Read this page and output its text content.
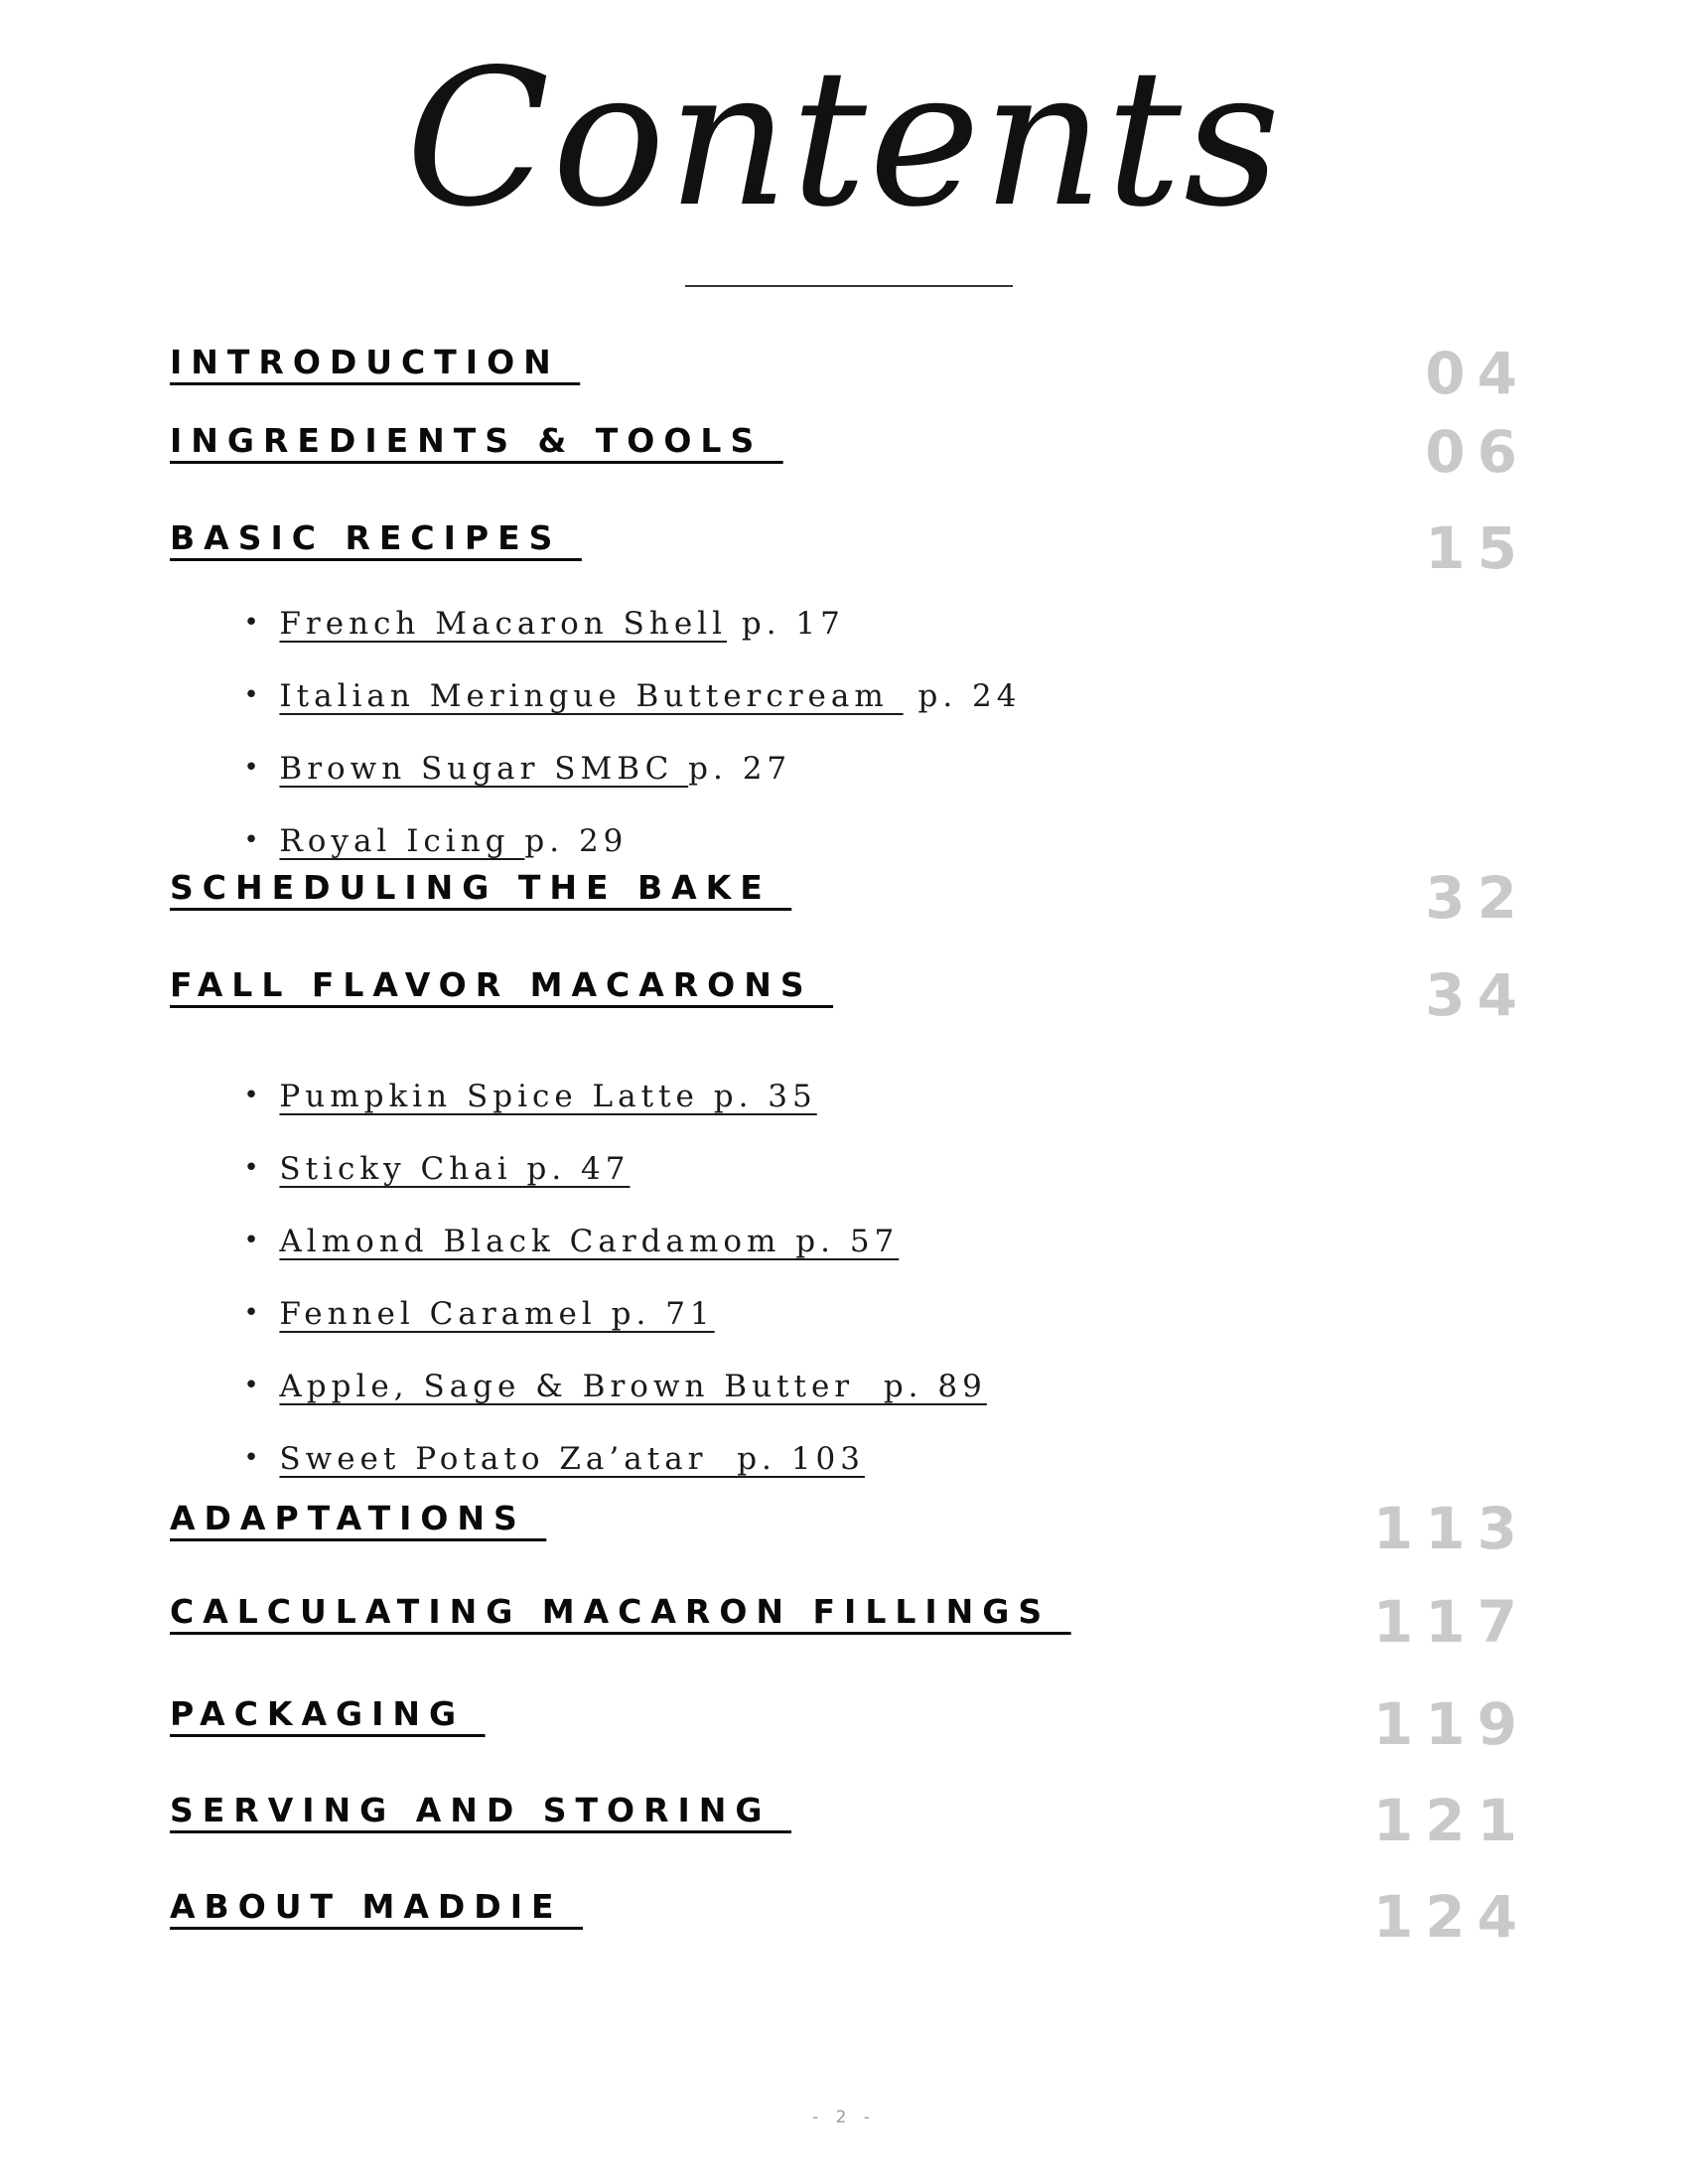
Contents
INTRODUCTION	04
INGREDIENTS & TOOLS	06
BASIC RECIPES	15

• French Macaron Shell p. 17

• Italian Meringue Buttercream  p. 24

• Brown Sugar SMBC p. 27

• Royal Icing p. 29

SCHEDULING THE BAKE	32
FALL FLAVOR MACARONS	34

• Pumpkin Spice Latte p. 35

• Sticky Chai p. 47

• Almond Black Cardamom p. 57

• Fennel Caramel p. 71

• Apple, Sage & Brown Butter  p. 89

• Sweet Potato Za’atar  p. 103

ADAPTATIONS	113
CALCULATING MACARON FILLINGS	117
PACKAGING	119
SERVING AND STORING	121
ABOUT MADDIE	124
- 2 -
